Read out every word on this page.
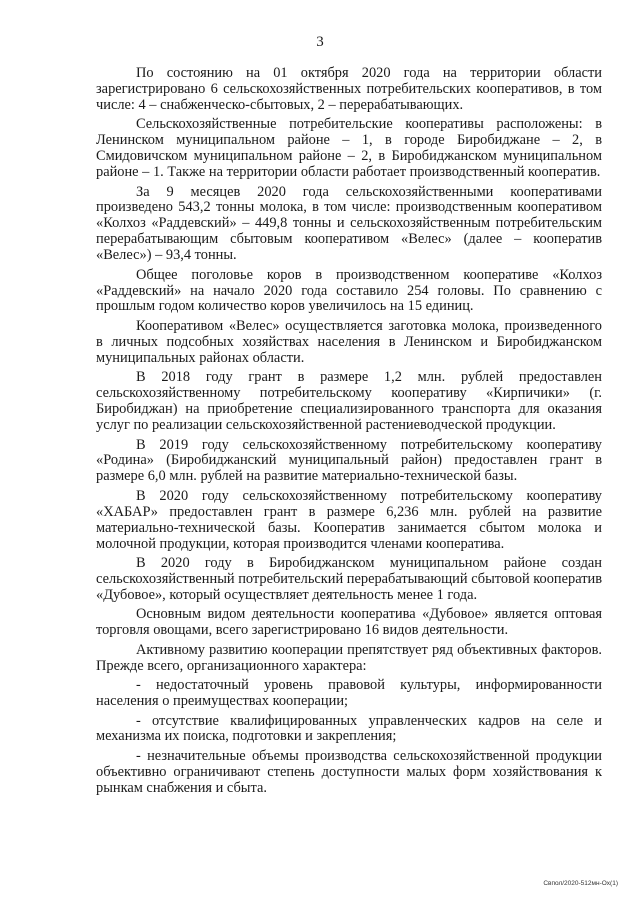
3

По состоянию на 01 октября 2020 года на территории области зарегистрировано 6 сельскохозяйственных потребительских кооперативов, в том числе: 4 – снабженческо-сбытовых, 2 – перерабатывающих.

Сельскохозяйственные потребительские кооперативы расположены: в Ленинском муниципальном районе – 1, в городе Биробиджане – 2, в Смидовичском муниципальном районе – 2, в Биробиджанском муниципальном районе – 1. Также на территории области работает производственный кооператив.

За 9 месяцев 2020 года сельскохозяйственными кооперативами произведено 543,2 тонны молока, в том числе: производственным кооперативом «Колхоз «Раддевский» – 449,8 тонны и сельскохозяйственным потребительским перерабатывающим сбытовым кооперативом «Велес» (далее – кооператив «Велес») – 93,4 тонны.

Общее поголовье коров в производственном кооперативе «Колхоз «Раддевский» на начало 2020 года составило 254 головы. По сравнению с прошлым годом количество коров увеличилось на 15 единиц.

Кооперативом «Велес» осуществляется заготовка молока, произведенного в личных подсобных хозяйствах населения в Ленинском и Биробиджанском муниципальных районах области.

В 2018 году грант в размере 1,2 млн. рублей предоставлен сельскохозяйственному потребительскому кооперативу «Кирпичики» (г. Биробиджан) на приобретение специализированного транспорта для оказания услуг по реализации сельскохозяйственной растениеводческой продукции.

В 2019 году сельскохозяйственному потребительскому кооперативу «Родина» (Биробиджанский муниципальный район) предоставлен грант в размере 6,0 млн. рублей на развитие материально-технической базы.

В 2020 году сельскохозяйственному потребительскому кооперативу «ХАБАР» предоставлен грант в размере 6,236 млн. рублей на развитие материально-технической базы. Кооператив занимается сбытом молока и молочной продукции, которая производится членами кооператива.

В 2020 году в Биробиджанском муниципальном районе создан сельскохозяйственный потребительский перерабатывающий сбытовой кооператив «Дубовое», который осуществляет деятельность менее 1 года.

Основным видом деятельности кооператива «Дубовое» является оптовая торговля овощами, всего зарегистрировано 16 видов деятельности.

Активному развитию кооперации препятствует ряд объективных факторов. Прежде всего, организационного характера:

- недостаточный уровень правовой культуры, информированности населения о преимуществах кооперации;

- отсутствие квалифицированных управленческих кадров на селе и механизма их поиска, подготовки и закрепления;

- незначительные объемы производства сельскохозяйственной продукции объективно ограничивают степень доступности малых форм хозяйствования к рынкам снабжения и сбыта.

Cвпол/2020-512мн-Ox(1)
